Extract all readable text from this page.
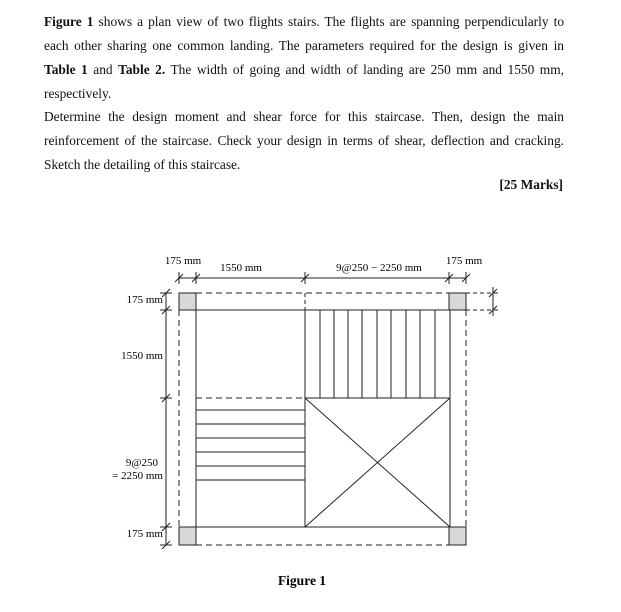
Figure 1 shows a plan view of two flights stairs. The flights are spanning perpendicularly to each other sharing one common landing. The parameters required for the design is given in Table 1 and Table 2. The width of going and width of landing are 250 mm and 1550 mm, respectively.

Determine the design moment and shear force for this staircase. Then, design the main reinforcement of the staircase. Check your design in terms of shear, deflection and cracking. Sketch the detailing of this staircase.

[25 Marks]
175 mm
1550 mm	9@250 − 2250 mm
175 mm
175 mm
1550 mm
9@250
= 2250 mm
175 mm
Figure 1
